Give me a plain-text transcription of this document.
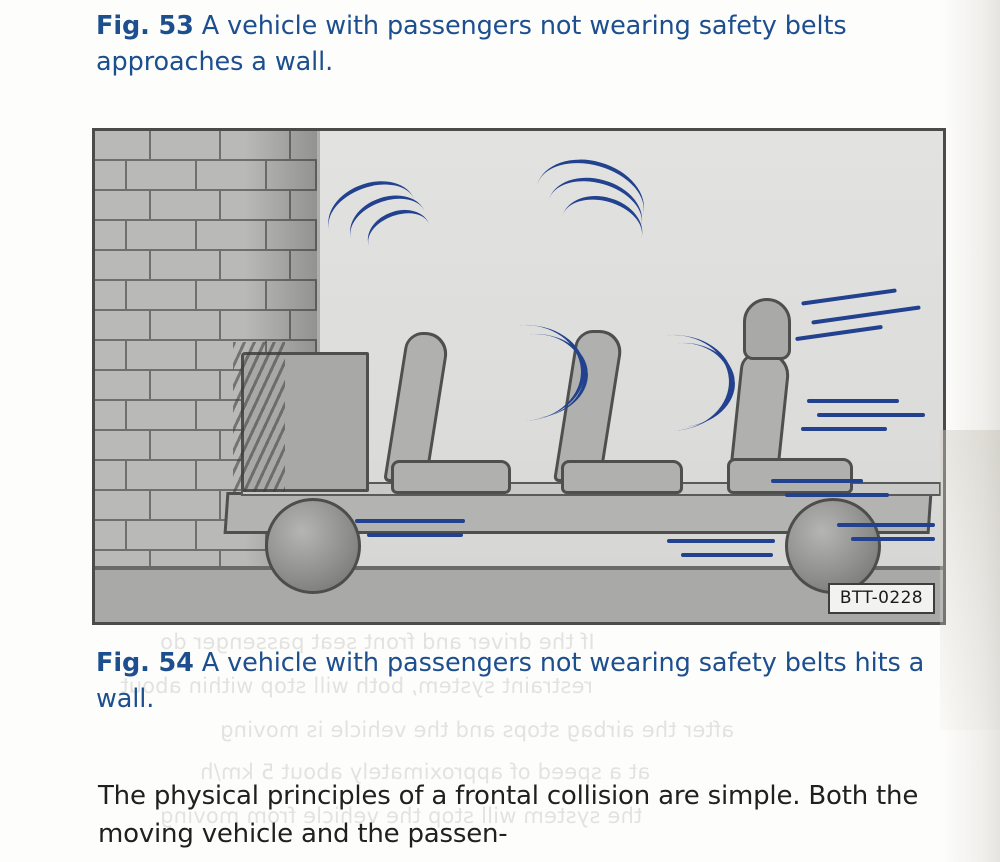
If the driver and front seat passenger do
restraint system, both will stop within about
after the airbag stops and the vehicle is moving
at a speed of approximately about 5 km/h
the system will stop the vehicle from moving
Fig. 53 A vehicle with passengers not wearing safety belts approaches a wall.
BTT-0228
Fig. 54 A vehicle with passengers not wearing safety belts hits a wall.
The physical principles of a frontal collision are simple. Both the moving vehicle and the passen-
